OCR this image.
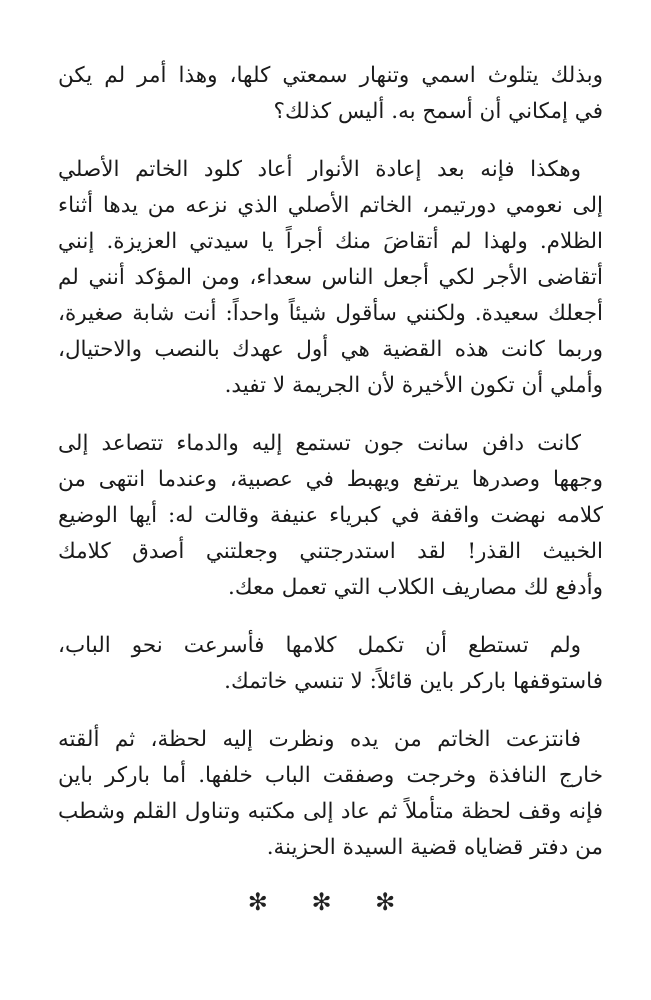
وبذلك يتلوث اسمي وتنهار سمعتي كلها، وهذا أمر لم يكن
في إمكاني أن أسمح به. أليس كذلك؟

وهكذا فإنه بعد إعادة الأنوار أعاد كلود الخاتم الأصلي
إلى نعومي دورتيمر، الخاتم الأصلي الذي نزعه من يدها أثناء
الظلام. ولهذا لم أتقاضَ منك أجراً يا سيدتي العزيزة. إنني
أتقاضى الأجر لكي أجعل الناس سعداء، ومن المؤكد أنني لم
أجعلك سعيدة. ولكنني سأقول شيئاً واحداً: أنت شابة صغيرة،
وربما كانت هذه القضية هي أول عهدك بالنصب والاحتيال،
وأملي أن تكون الأخيرة لأن الجريمة لا تفيد.

كانت دافن سانت جون تستمع إليه والدماء تتصاعد إلى
وجهها وصدرها يرتفع ويهبط في عصبية، وعندما انتهى من
كلامه نهضت واقفة في كبرياء عنيفة وقالت له: أيها الوضيع
الخبيث القذر! لقد استدرجتني وجعلتني أصدق كلامك
وأدفع لك مصاريف الكلاب التي تعمل معك.

ولم تستطع أن تكمل كلامها فأسرعت نحو الباب،
فاستوقفها باركر باين قائلاً: لا تنسي خاتمك.

فانتزعت الخاتم من يده ونظرت إليه لحظة، ثم ألقته
خارج النافذة وخرجت وصفقت الباب خلفها. أما باركر باين
فإنه وقف لحظة متأملاً ثم عاد إلى مكتبه وتناول القلم وشطب
من دفتر قضاياه قضية السيدة الحزينة.

✻ ✻ ✻
